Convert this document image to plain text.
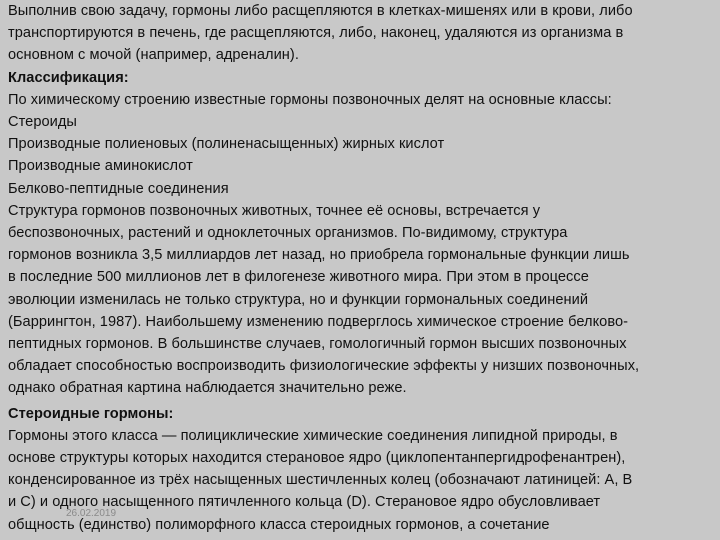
Выполнив свою задачу, гормоны либо расщепляются в клетках-мишенях или в крови, либо
транспортируются в печень, где расщепляются, либо, наконец, удаляются из организма в
основном с мочой (например, адреналин).
Классификация:
По химическому строению известные гормоны позвоночных делят на основные классы:
Стероиды
Производные полиеновых (полиненасыщенных) жирных кислот
Производные аминокислот
Белково-пептидные соединения
Структура гормонов позвоночных животных, точнее её основы, встречается у
беспозвоночных, растений и одноклеточных организмов. По-видимому, структура
гормонов возникла 3,5 миллиардов лет назад, но приобрела гормональные функции лишь
в последние 500 миллионов лет в филогенезе животного мира. При этом в процессе
эволюции изменилась не только структура, но и функции гормональных соединений
(Баррингтон, 1987). Наибольшему изменению подверглось химическое строение белково-
пептидных гормонов. В большинстве случаев, гомологичный гормон высших позвоночных
обладает способностью воспроизводить физиологические эффекты у низших позвоночных,
однако обратная картина наблюдается значительно реже.
Стероидные гормоны:
Гормоны этого класса — полициклические химические соединения липидной природы, в
основе структуры которых находится стерановое ядро (циклопентанпергидрофенантрен),
конденсированное из трёх насыщенных шестичленных колец (обозначают латиницей: A, B
и C) и одного насыщенного пятичленного кольца (D). Стерановое ядро обусловливает
общность (единство) полиморфного класса стероидных гормонов, а сочетание
26.02.2019
